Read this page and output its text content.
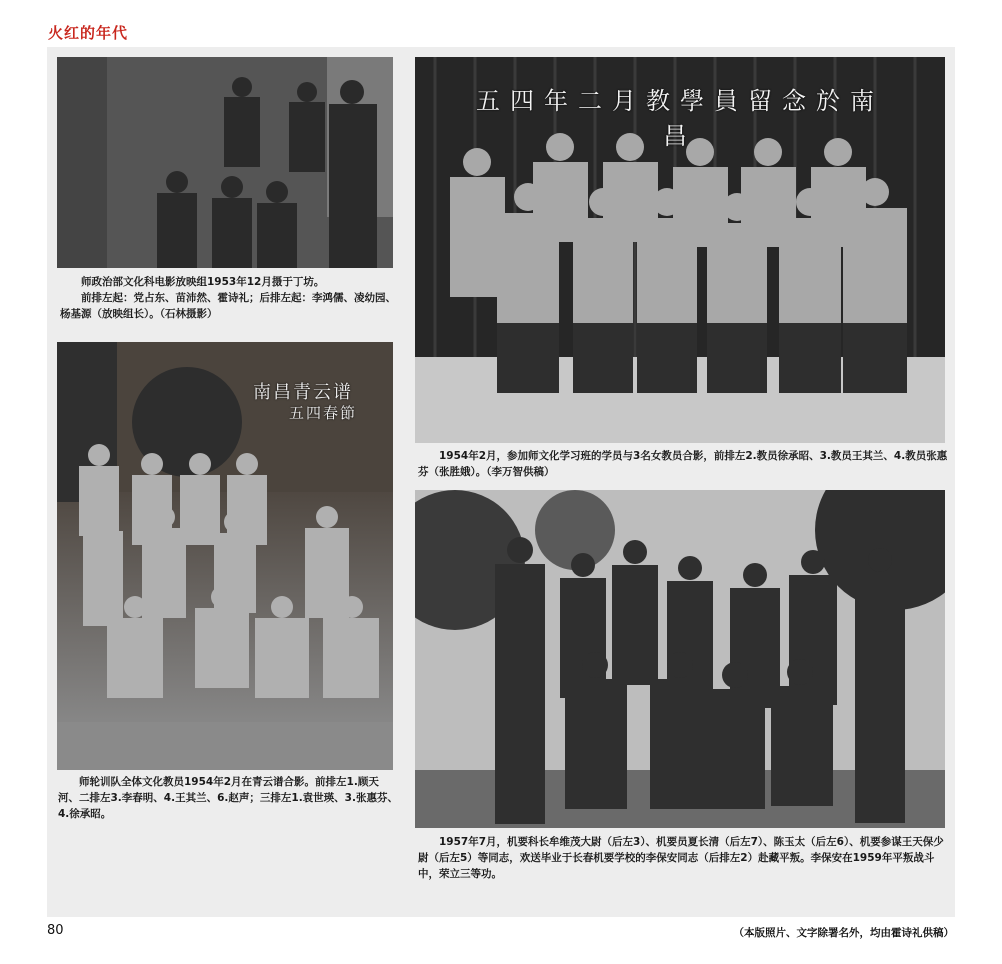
火红的年代

师政治部文化科电影放映组1953年12月摄于丁坊。

前排左起：党占东、苗沛然、霍诗礼；后排左起：李鸿儒、凌幼园、杨基源（放映组长）。（石林摄影）

五四年二月教學員留念於南昌

1954年2月，参加师文化学习班的学员与3名女教员合影，前排左2.教员徐承昭、3.教员王其兰、4.教员张惠芬（张胜娥）。（李万智供稿）

南昌青云谱
五四春節

师轮训队全体文化教员1954年2月在青云谱合影。前排左1.顾天河、二排左3.李春明、4.王其兰、6.赵声；三排左1.袁世瑛、3.张惠芬、4.徐承昭。

1957年7月，机要科长牟维茂大尉（后左3）、机要员夏长清（后左7）、陈玉太（后左6）、机要参谋王天保少尉（后左5）等同志，欢送毕业于长春机要学校的李保安同志（后排左2）赴藏平叛。李保安在1959年平叛战斗中，荣立三等功。

80	（本版照片、文字除署名外，均由霍诗礼供稿）
